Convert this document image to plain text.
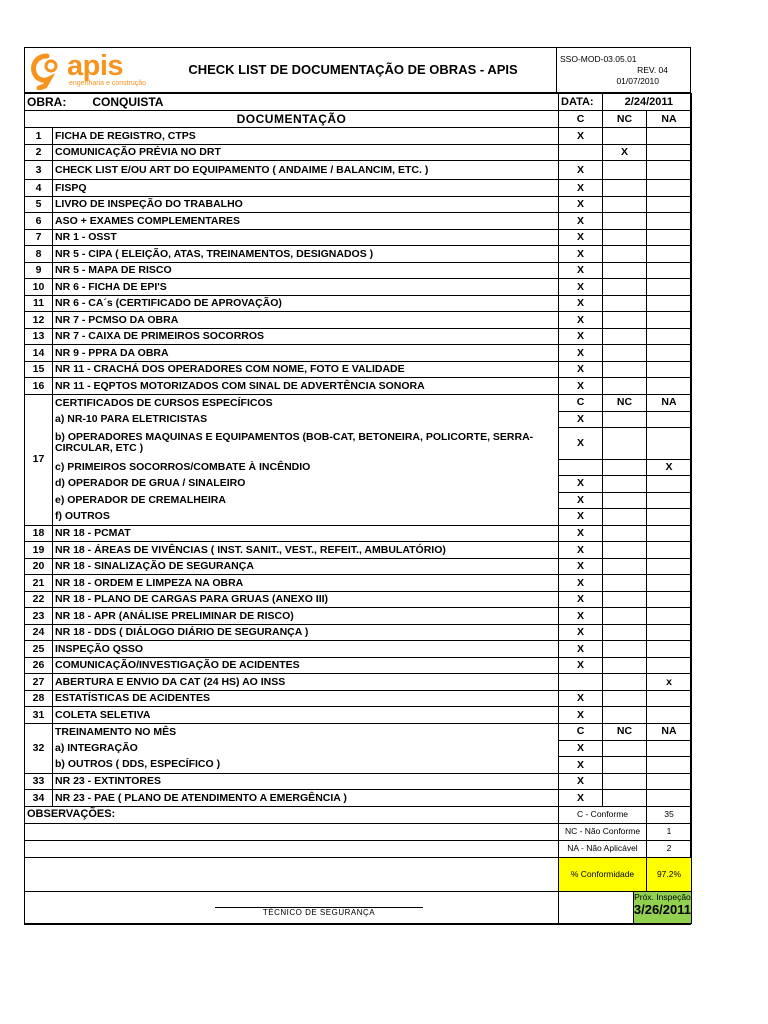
apis
engenharia e construção
CHECK LIST DE DOCUMENTAÇÃO DE OBRAS - APIS
SSO-MOD-03.05.01
REV. 04
01/07/2010
OBRA: CONQUISTA		DATA:	2/24/2011	
DOCUMENTAÇÃO		C	NC	NA
1	FICHA DE REGISTRO, CTPS	X		
2	COMUNICAÇÃO PRÉVIA NO DRT		X	
3	CHECK LIST E/OU ART DO EQUIPAMENTO ( ANDAIME / BALANCIM, ETC. )	X		
4	FISPQ	X		
5	LIVRO DE INSPEÇÃO DO TRABALHO	X		
6	ASO + EXAMES COMPLEMENTARES	X		
7	NR 1 - OSST	X		
8	NR 5 - CIPA ( ELEIÇÃO, ATAS, TREINAMENTOS, DESIGNADOS )	X		
9	NR 5 - MAPA DE RISCO	X		
10	NR 6 - FICHA DE EPI'S	X		
11	NR 6 - CA´s (CERTIFICADO DE APROVAÇÃO)	X		
12	NR 7 - PCMSO DA OBRA	X		
13	NR 7 - CAIXA DE PRIMEIROS SOCORROS	X		
14	NR 9 - PPRA DA OBRA	X		
15	NR 11 - CRACHÁ DOS OPERADORES COM NOME, FOTO E VALIDADE	X		
16	NR 11 - EQPTOS MOTORIZADOS COM SINAL DE ADVERTÊNCIA SONORA	X		
17	CERTIFICADOS DE CURSOS ESPECÍFICOS	C	NC	NA
	a) NR-10 PARA ELETRICISTAS	X		
	b) OPERADORES MAQUINAS E EQUIPAMENTOS (BOB-CAT, BETONEIRA, POLICORTE, SERRA-CIRCULAR, ETC )	X		
	c) PRIMEIROS SOCORROS/COMBATE À INCÊNDIO			X
	d) OPERADOR DE GRUA / SINALEIRO	X		
	e) OPERADOR DE CREMALHEIRA	X		
	f) OUTROS	X		
18	NR 18 - PCMAT	X		
19	NR 18 - ÁREAS DE VIVÊNCIAS ( INST. SANIT., VEST., REFEIT., AMBULATÓRIO)	X		
20	NR 18 - SINALIZAÇÃO DE SEGURANÇA	X		
21	NR 18 - ORDEM E LIMPEZA NA OBRA	X		
22	NR 18 - PLANO DE CARGAS PARA GRUAS (ANEXO III)	X		
23	NR 18 - APR (ANÁLISE PRELIMINAR DE RISCO)	X		
24	NR 18 - DDS ( DIÁLOGO DIÁRIO DE SEGURANÇA )	X		
25	INSPEÇÃO QSSO	X		
26	COMUNICAÇÃO/INVESTIGAÇÃO DE ACIDENTES	X		
27	ABERTURA E ENVIO DA CAT (24 HS) AO INSS			x
28	ESTATÍSTICAS DE ACIDENTES	X		
31	COLETA SELETIVA	X		
32	TREINAMENTO NO MÊS	C	NC	NA
	a) INTEGRAÇÃO	X		
	b) OUTROS ( DDS, ESPECÍFICO )	X		
33	NR 23 - EXTINTORES	X		
34	NR 23 - PAE ( PLANO DE ATENDIMENTO A EMERGÊNCIA )	X		
OBSERVAÇÕES:		C - Conforme		35
		NC - Não Conforme		1
		NA - Não Aplicável		2
		% Conformidade		97.2%

TÉCNICO DE SEGURANÇA		Próx. Inspeção
3/26/2011		
